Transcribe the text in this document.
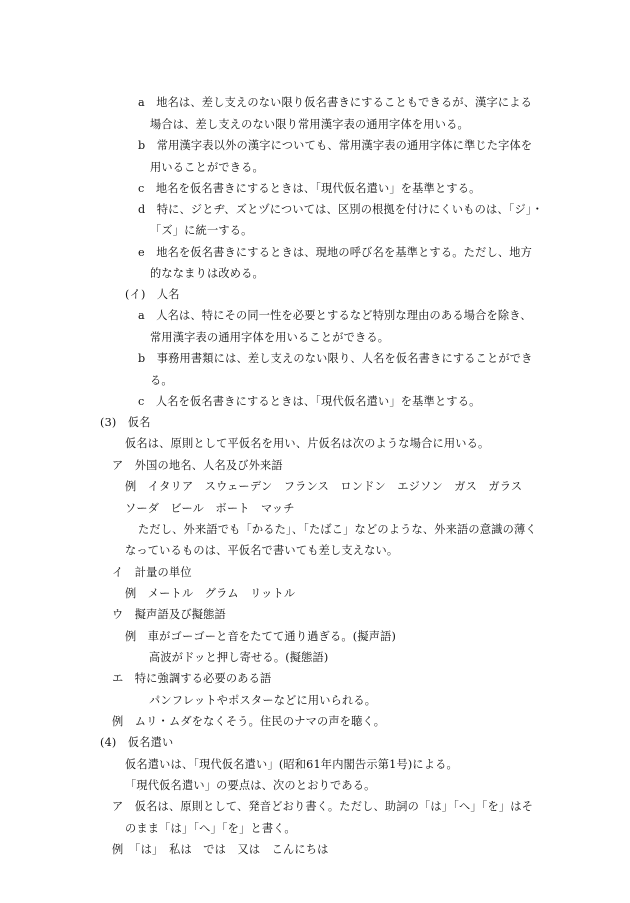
a　地名は、差し支えのない限り仮名書きにすることもできるが、漢字による
場合は、差し支えのない限り常用漢字表の通用字体を用いる。
b　常用漢字表以外の漢字についても、常用漢字表の通用字体に準じた字体を
用いることができる。
c　地名を仮名書きにするときは、「現代仮名遣い」を基準とする。
d　特に、ジとヂ、ズとヅについては、区別の根拠を付けにくいものは、「ジ」・
「ズ」に統一する。
e　地名を仮名書きにするときは、現地の呼び名を基準とする。ただし、地方
的ななまりは改める。
(イ)　人名
a　人名は、特にその同一性を必要とするなど特別な理由のある場合を除き、
常用漢字表の通用字体を用いることができる。
b　事務用書類には、差し支えのない限り、人名を仮名書きにすることができ
る。
c　人名を仮名書きにするときは、「現代仮名遣い」を基準とする。
(3)　仮名
仮名は、原則として平仮名を用い、片仮名は次のような場合に用いる。
ア　外国の地名、人名及び外来語
例　イタリア　スウェーデン　フランス　ロンドン　エジソン　ガス　ガラス
ソーダ　ビール　ボート　マッチ
ただし、外来語でも「かるた」、「たばこ」などのような、外来語の意識の薄く
なっているものは、平仮名で書いても差し支えない。
イ　計量の単位
例　メートル　グラム　リットル
ウ　擬声語及び擬態語
例　車がゴーゴーと音をたてて通り過ぎる。(擬声語)
高波がドッと押し寄せる。(擬態語)
エ　特に強調する必要のある語
パンフレットやポスターなどに用いられる。
例　ムリ・ムダをなくそう。住民のナマの声を聴く。
(4)　仮名遣い
仮名遣いは、「現代仮名遣い」(昭和61年内閣告示第1号)による。
「現代仮名遣い」の要点は、次のとおりである。
ア　仮名は、原則として、発音どおり書く。ただし、助詞の「は」「へ」「を」はそ
のまま「は」「へ」「を」と書く。
例　「は」　私は　では　又は　こんにちは
